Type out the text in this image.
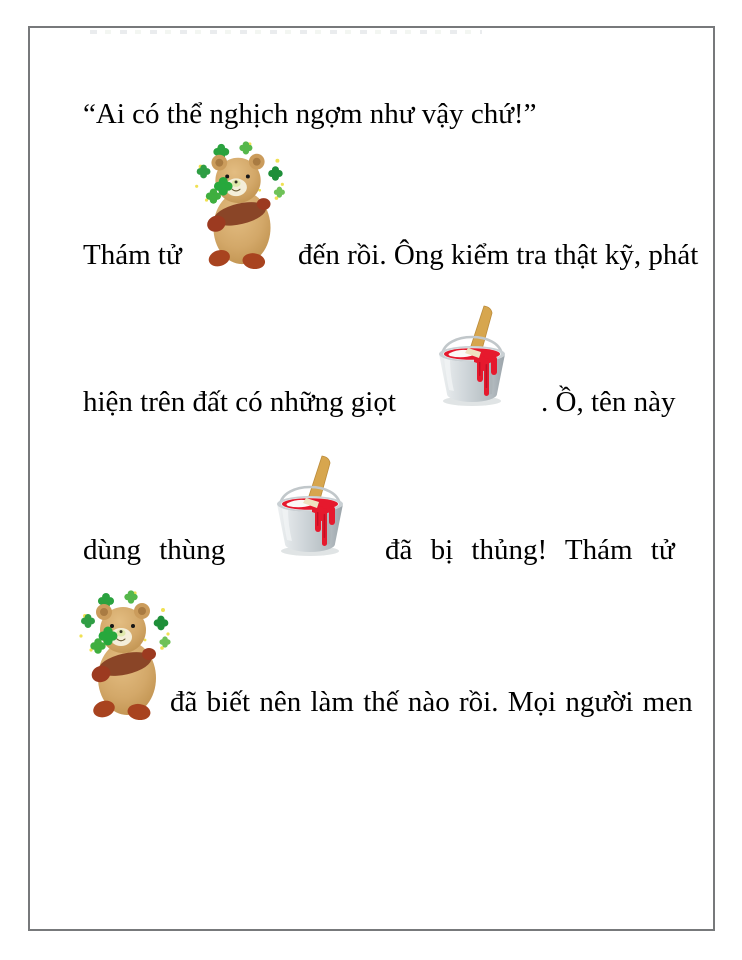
“Ai có thể nghịch ngợm như vậy chứ!”
Thám tử	đến rồi. Ông kiểm tra thật kỹ, phát
hiện trên đất có những giọt	. Ồ, tên này
dùng thùng	đã bị thủng! Thám tử
đã biết nên làm thế nào rồi. Mọi người men
